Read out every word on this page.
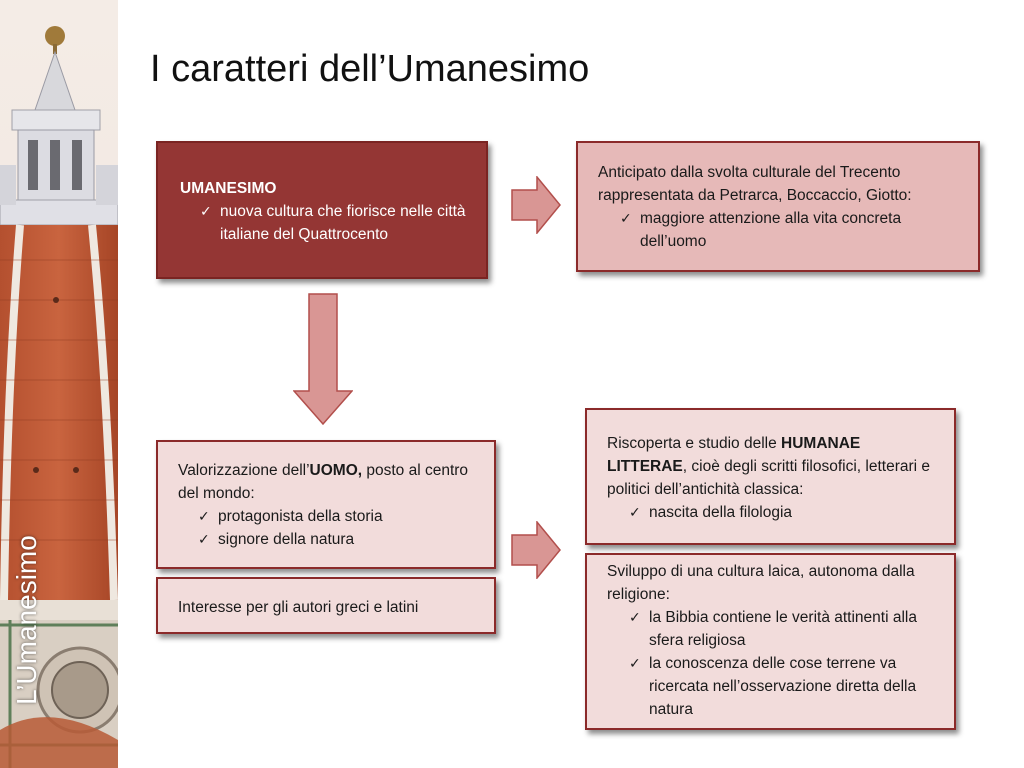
L’Umanesimo
I caratteri dell’Umanesimo
UMANESIMO
✓ nuova cultura che fiorisce nelle città italiane del Quattrocento
Anticipato dalla svolta culturale del Trecento rappresentata da Petrarca, Boccaccio, Giotto:
✓ maggiore attenzione alla vita concreta dell’uomo
Valorizzazione dell’UOMO, posto al centro del mondo:
✓ protagonista della storia
✓ signore della natura
Interesse per gli autori greci e latini
Riscoperta e studio delle HUMANAE LITTERAE, cioè degli scritti filosofici, letterari e politici dell’antichità classica:
✓ nascita della filologia
Sviluppo di una cultura laica, autonoma dalla religione:
✓ la Bibbia contiene le verità attinenti alla sfera religiosa
✓ la conoscenza delle cose terrene va ricercata nell’osservazione diretta della natura
